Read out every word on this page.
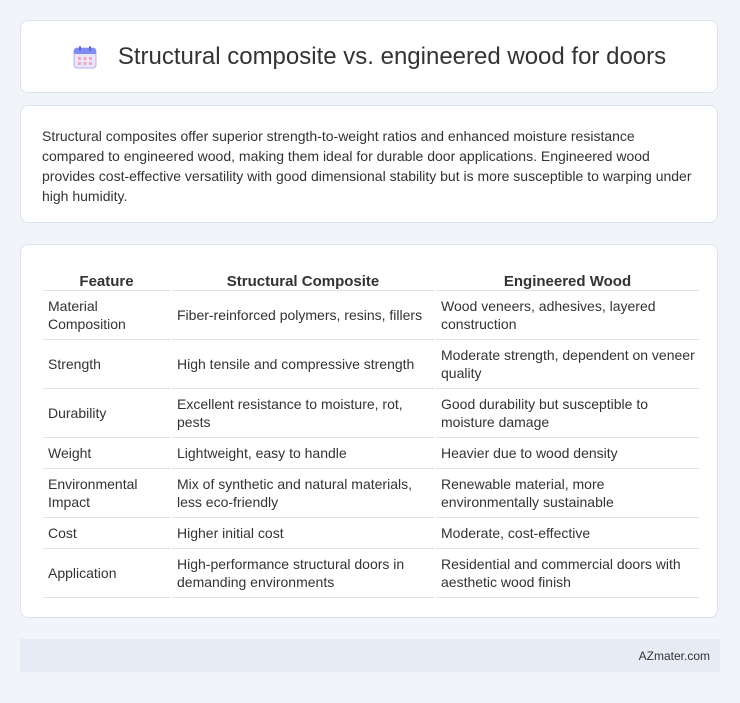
Structural composite vs. engineered wood for doors

Structural composites offer superior strength-to-weight ratios and enhanced moisture resistance compared to engineered wood, making them ideal for durable door applications. Engineered wood provides cost-effective versatility with good dimensional stability but is more susceptible to warping under high humidity.

Feature	Structural Composite	Engineered Wood
Material Composition	Fiber-reinforced polymers, resins, fillers	Wood veneers, adhesives, layered construction
Strength	High tensile and compressive strength	Moderate strength, dependent on veneer quality
Durability	Excellent resistance to moisture, rot, pests	Good durability but susceptible to moisture damage
Weight	Lightweight, easy to handle	Heavier due to wood density
Environmental Impact	Mix of synthetic and natural materials, less eco-friendly	Renewable material, more environmentally sustainable
Cost	Higher initial cost	Moderate, cost-effective
Application	High-performance structural doors in demanding environments	Residential and commercial doors with aesthetic wood finish
AZmater.com
